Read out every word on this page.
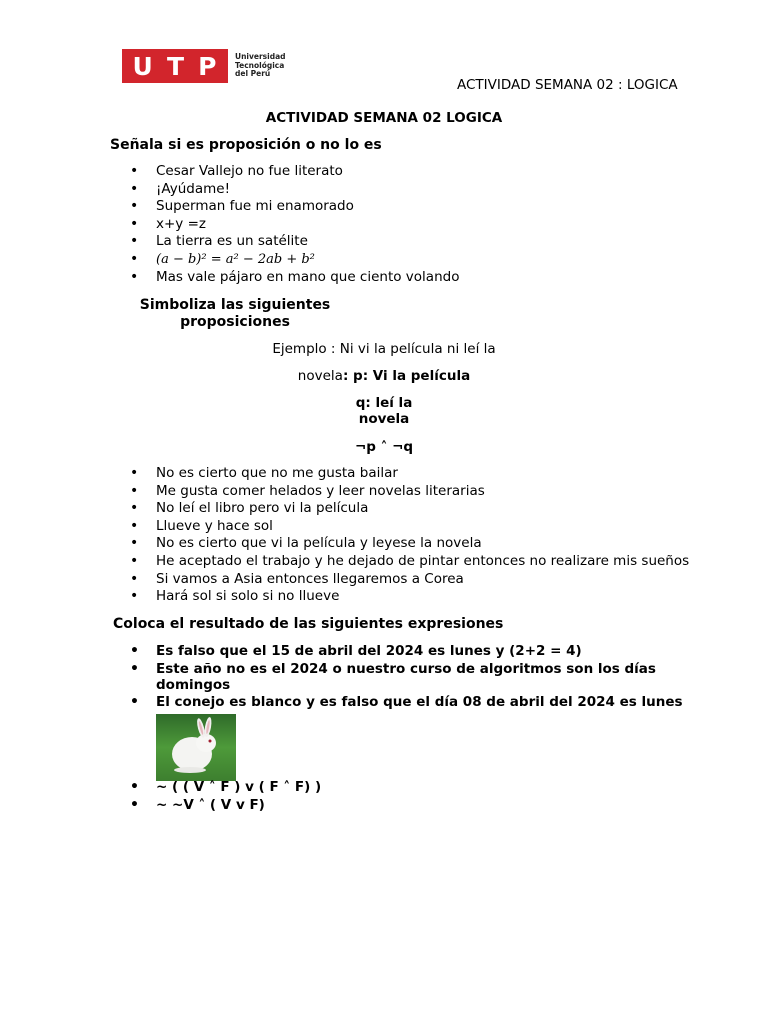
U T P Universidad
Tecnológica
del Perú
ACTIVIDAD SEMANA 02 : LOGICA
ACTIVIDAD SEMANA 02 LOGICA
Señala si es proposición o no lo es
• Cesar Vallejo no fue literato
• ¡Ayúdame!
• Superman fue mi enamorado
• x+y =z
• La tierra es un satélite
• (a − b)² = a² − 2ab + b²
• Mas vale pájaro en mano que ciento volando
Simboliza las siguientes
proposiciones
Ejemplo : Ni vi la película ni leí la
novela: p: Vi la película
q: leí la
novela
¬p ˄ ¬q
• No es cierto que no me gusta bailar
• Me gusta comer helados y leer novelas literarias
• No leí el libro pero vi la película
• Llueve y hace sol
• No es cierto que vi la película y leyese la novela
• He aceptado el trabajo y he dejado de pintar entonces no realizare mis sueños
• Si vamos a Asia entonces llegaremos a Corea
• Hará sol si solo si no llueve
Coloca el resultado de las siguientes expresiones
• Es falso que el 15 de abril del 2024 es lunes y (2+2 = 4)
• Este año no es el 2024 o nuestro curso de algoritmos son los días domingos
• El conejo es blanco y es falso que el día 08 de abril del 2024 es lunes
• ~ ( ( V ˄ F ) v ( F ˄ F) )
• ~ ~V ˄ ( V v F)
